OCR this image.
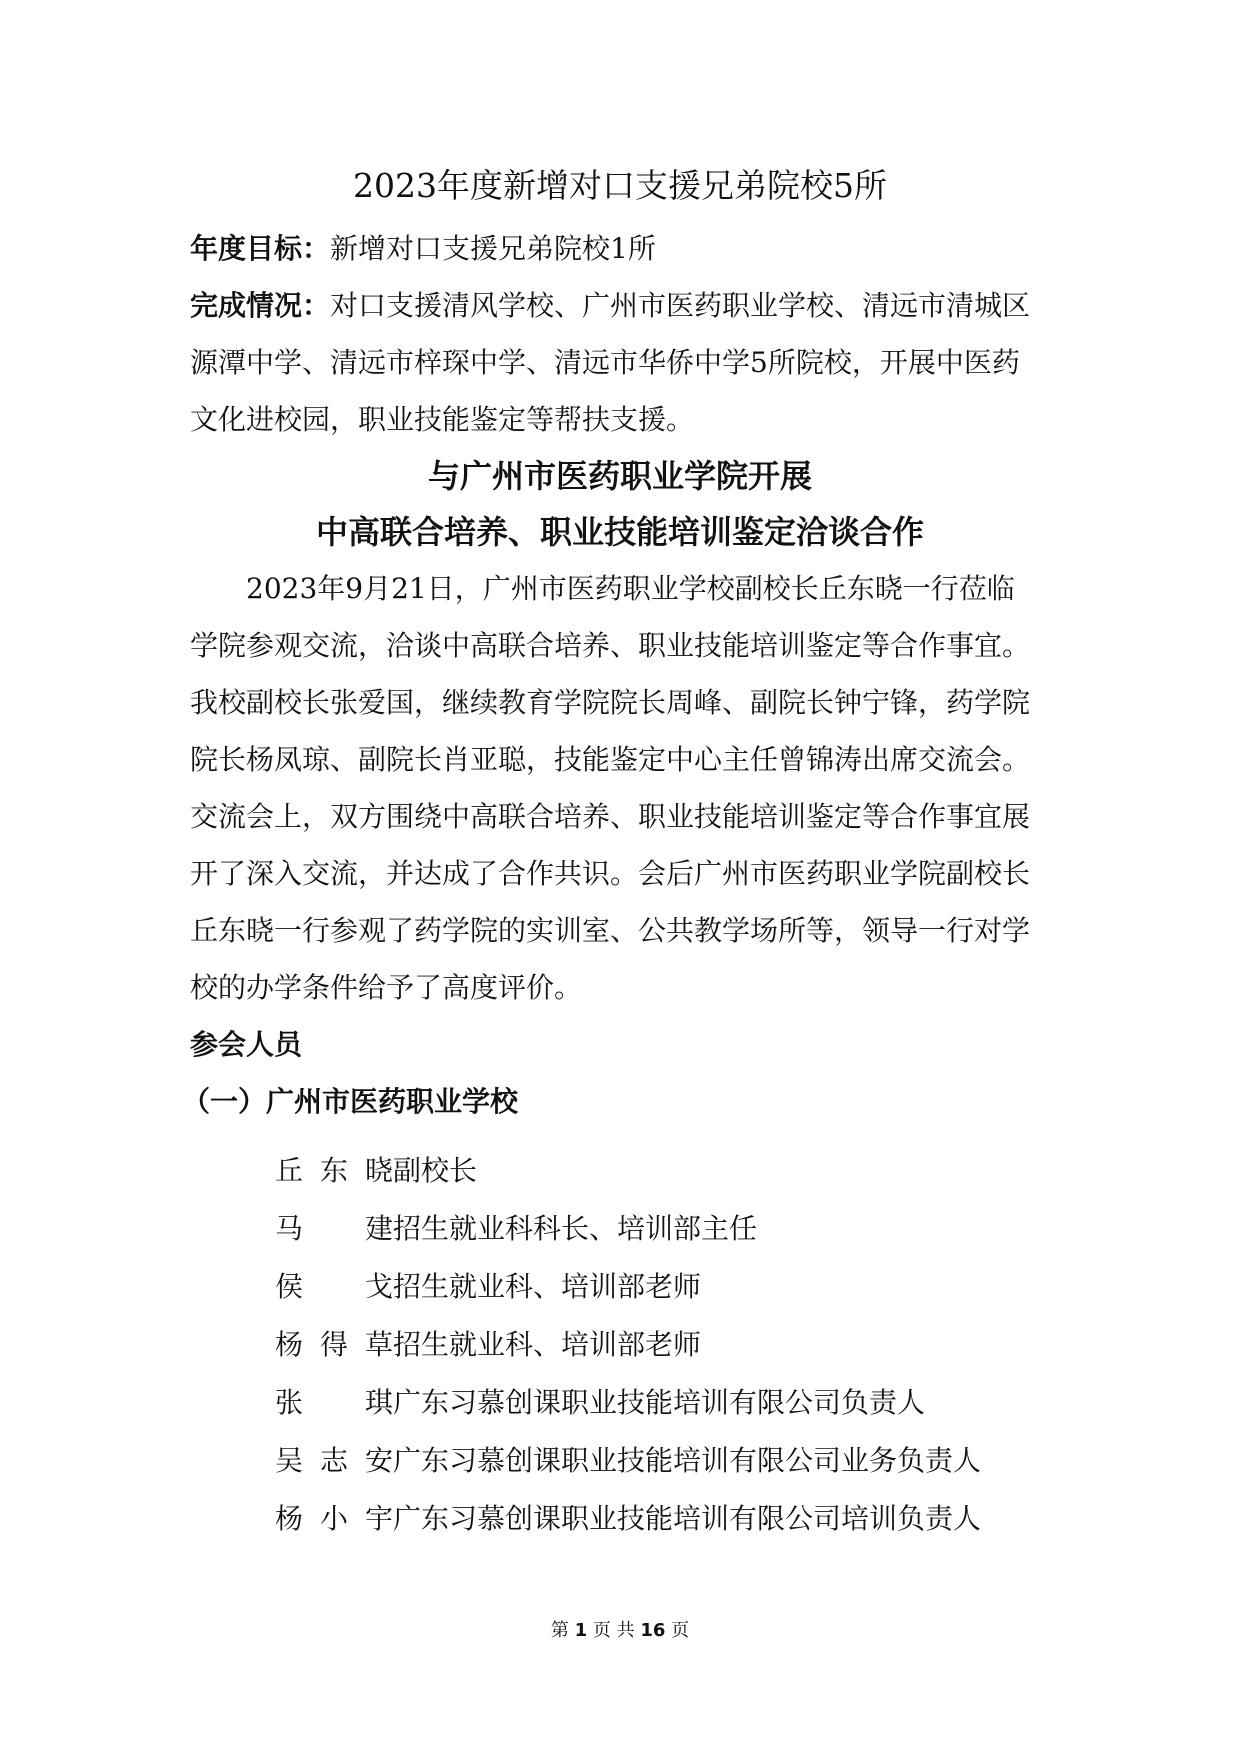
2023年度新增对口支援兄弟院校5所

年度目标：新增对口支援兄弟院校1所

完成情况：对口支援清风学校、广州市医药职业学校、清远市清城区

源潭中学、清远市梓琛中学、清远市华侨中学5所院校，开展中医药

文化进校园，职业技能鉴定等帮扶支援。

与广州市医药职业学院开展
中高联合培养、职业技能培训鉴定洽谈合作

2023年9月21日，广州市医药职业学校副校长丘东晓一行莅临

学院参观交流，洽谈中高联合培养、职业技能培训鉴定等合作事宜。

我校副校长张爱国，继续教育学院院长周峰、副院长钟宁锋，药学院

院长杨凤琼、副院长肖亚聪，技能鉴定中心主任曾锦涛出席交流会。

交流会上，双方围绕中高联合培养、职业技能培训鉴定等合作事宜展

开了深入交流，并达成了合作共识。会后广州市医药职业学院副校长

丘东晓一行参观了药学院的实训室、公共教学场所等，领导一行对学

校的办学条件给予了高度评价。

参会人员

（一）广州市医药职业学校

丘东晓 副校长
马建 招生就业科科长、培训部主任
侯戈 招生就业科、培训部老师
杨得草 招生就业科、培训部老师
张琪 广东习慕创课职业技能培训有限公司负责人
吴志安 广东习慕创课职业技能培训有限公司业务负责人
杨小宇 广东习慕创课职业技能培训有限公司培训负责人
第 1 页 共 16 页
